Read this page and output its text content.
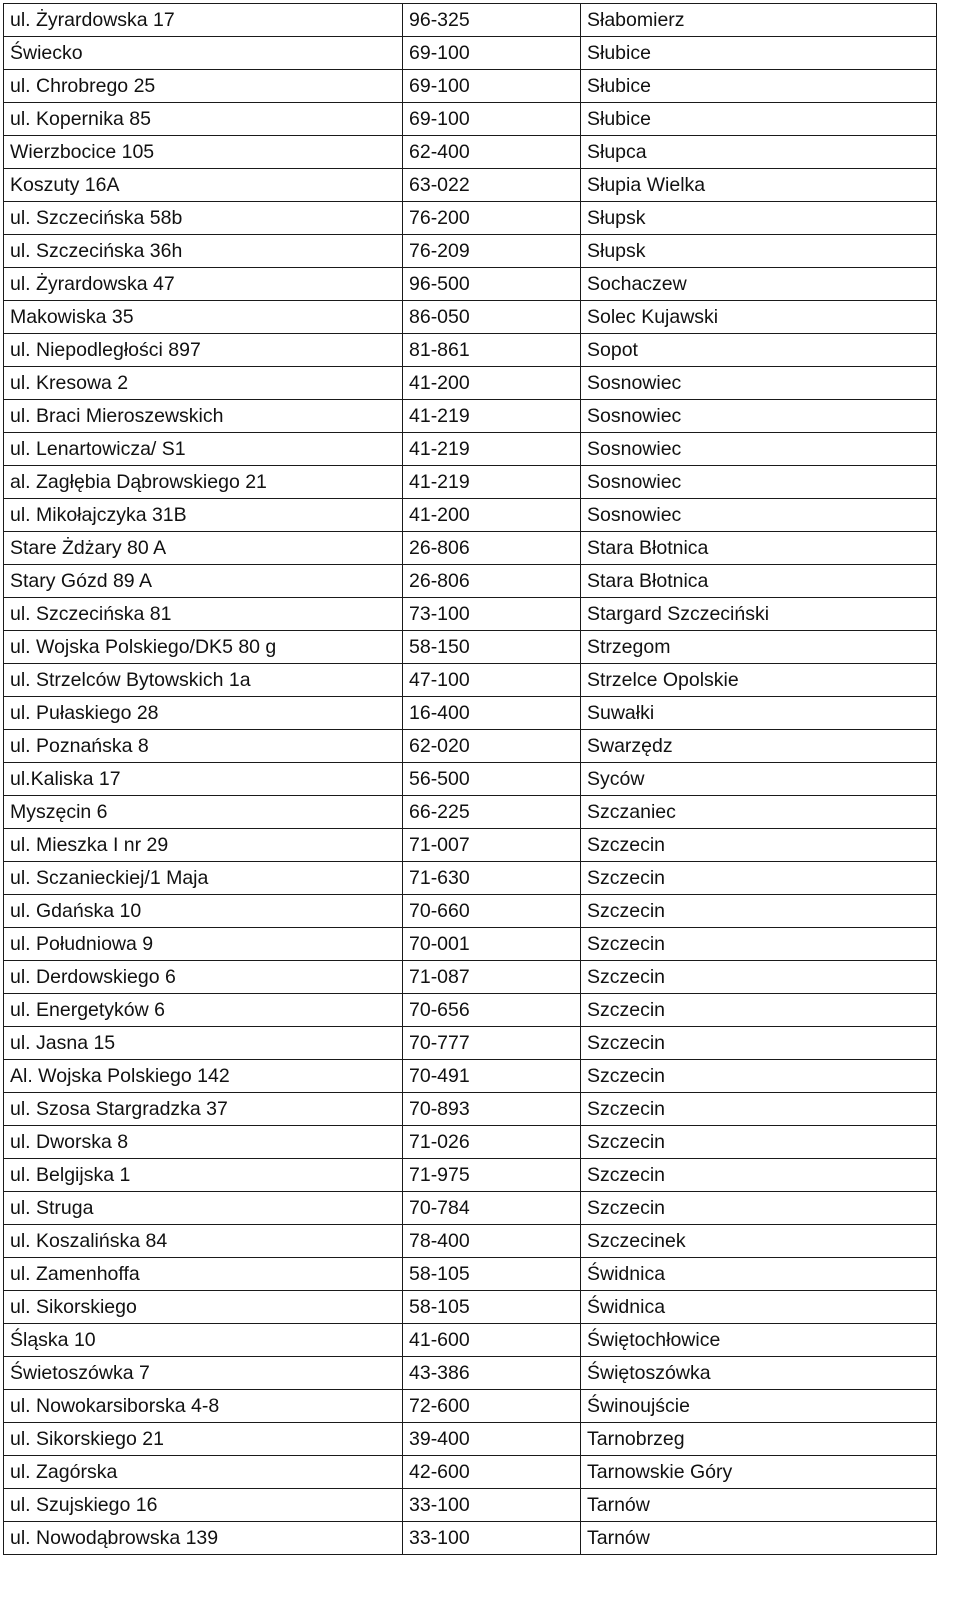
ul. Żyrardowska 17	96-325	Słabomierz
Świecko	69-100	Słubice
ul. Chrobrego 25	69-100	Słubice
ul. Kopernika 85	69-100	Słubice
Wierzbocice 105	62-400	Słupca
Koszuty 16A	63-022	Słupia Wielka
ul. Szczecińska 58b	76-200	Słupsk
ul. Szczecińska 36h	76-209	Słupsk
ul. Żyrardowska 47	96-500	Sochaczew
Makowiska 35	86-050	Solec Kujawski
ul. Niepodległości 897	81-861	Sopot
ul. Kresowa 2	41-200	Sosnowiec
ul. Braci Mieroszewskich	41-219	Sosnowiec
ul. Lenartowicza/ S1	41-219	Sosnowiec
al. Zagłębia Dąbrowskiego 21	41-219	Sosnowiec
ul. Mikołajczyka 31B	41-200	Sosnowiec
Stare Żdżary 80 A	26-806	Stara Błotnica
Stary Gózd 89 A	26-806	Stara Błotnica
ul. Szczecińska 81	73-100	Stargard Szczeciński
ul. Wojska Polskiego/DK5 80 g	58-150	Strzegom
ul. Strzelców Bytowskich 1a	47-100	Strzelce Opolskie
ul. Pułaskiego 28	16-400	Suwałki
ul. Poznańska 8	62-020	Swarzędz
ul.Kaliska 17	56-500	Syców
Myszęcin 6	66-225	Szczaniec
ul. Mieszka I nr 29	71-007	Szczecin
ul. Sczanieckiej/1 Maja	71-630	Szczecin
ul. Gdańska 10	70-660	Szczecin
ul. Południowa 9	70-001	Szczecin
ul. Derdowskiego 6	71-087	Szczecin
ul. Energetyków 6	70-656	Szczecin
ul. Jasna 15	70-777	Szczecin
Al. Wojska Polskiego 142	70-491	Szczecin
ul. Szosa Stargradzka 37	70-893	Szczecin
ul. Dworska 8	71-026	Szczecin
ul. Belgijska 1	71-975	Szczecin
ul. Struga	70-784	Szczecin
ul. Koszalińska 84	78-400	Szczecinek
ul. Zamenhoffa	58-105	Świdnica
ul. Sikorskiego	58-105	Świdnica
Śląska 10	41-600	Świętochłowice
Świetoszówka 7	43-386	Świętoszówka
ul. Nowokarsiborska 4-8	72-600	Świnoujście
ul. Sikorskiego 21	39-400	Tarnobrzeg
ul. Zagórska	42-600	Tarnowskie Góry
ul. Szujskiego 16	33-100	Tarnów
ul. Nowodąbrowska 139	33-100	Tarnów
